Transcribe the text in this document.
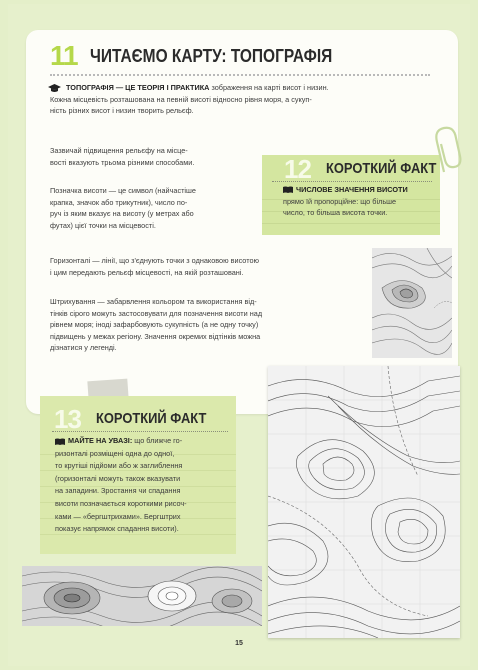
11 ЧИТАЄМО КАРТУ: ТОПОГРАФІЯ
ТОПОГРАФІЯ — ЦЕ ТЕОРІЯ І ПРАКТИКА зображення на карті висот і низин.
Кожна місцевість розташована на певній висоті відносно рівня моря, а сукуп-
ність різних висот і низин творить рельєф.
Зазвичай підвищення рельєфу на місце-
вості вказують трьома різними способами.
Позначка висоти — це символ (найчастіше
крапка, значок або трикутник), число по-
руч із яким вказує на висоту (у метрах або
футах) цієї точки на місцевості.
12 КОРОТКИЙ ФАКТ
ЧИСЛОВЕ ЗНАЧЕННЯ ВИСОТИ
прямо їй пропорційне: що більше
число, то більша висота точки.
Горизонталі — лінії, що з'єднують точки з однаковою висотою
і цим передають рельєф місцевості, на якій розташовані.
Штрихування — забарвлення кольором та використання від-
тінків сірого можуть застосовувати для позначення висоти над
рівнем моря; іноді зафарбовують сукупність (а не одну точку)
підвищень у межах регіону. Значення окремих відтінків можна
дізнатися у легенді.
13 КОРОТКИЙ ФАКТ
МАЙТЕ НА УВАЗІ: що ближче го-
ризонталі розміщені одна до одної,
то крутіші підйоми або ж заглиблення
(горизонталі можуть також вказувати
на западини. Зростання чи спадання
висоти позначається короткими рисоч-
ками — «бергштрихами». Бергштрих
показує напрямок спадання висоти).
15
